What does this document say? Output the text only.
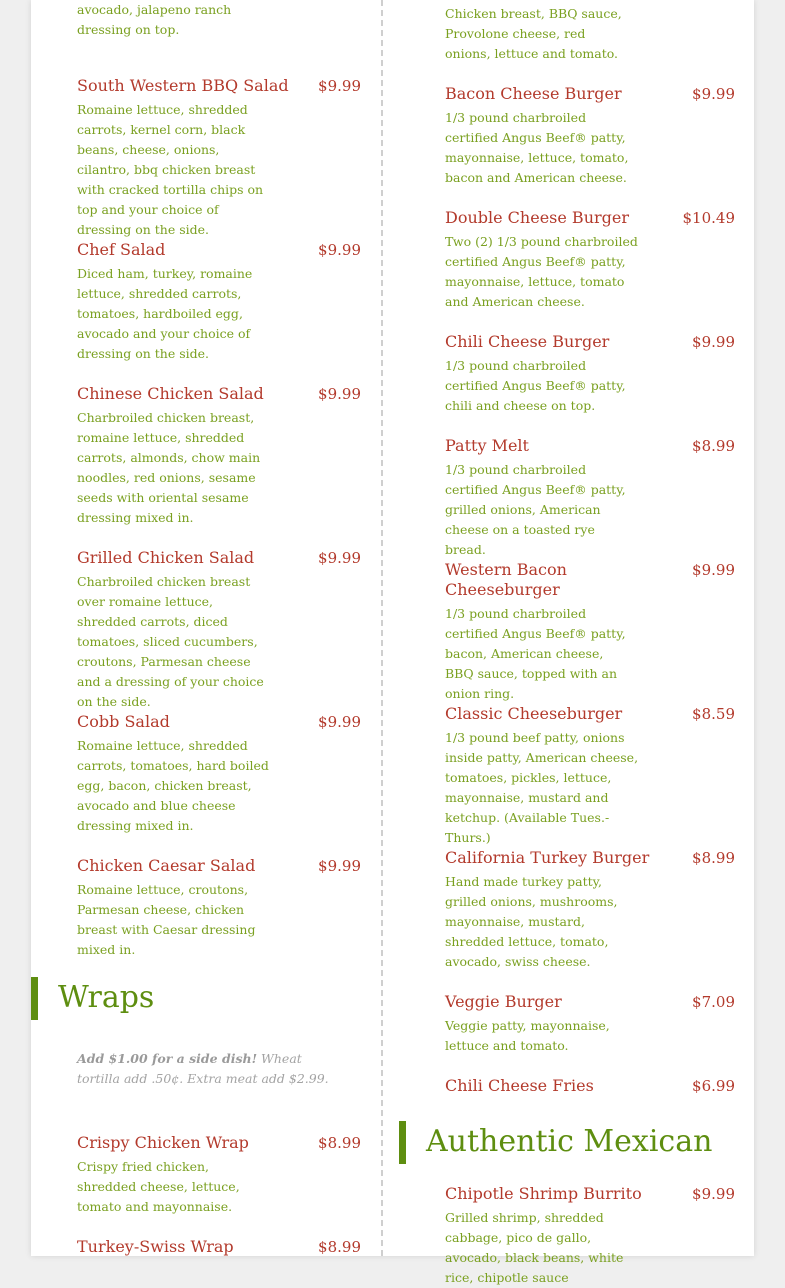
avocado, jalapeno ranch dressing on top.

South Western BBQ Salad	$9.99

Romaine lettuce, shredded carrots, kernel corn, black beans, cheese, onions, cilantro, bbq chicken breast with cracked tortilla chips on top and your choice of dressing on the side.

Chef Salad	$9.99

Diced ham, turkey, romaine lettuce, shredded carrots, tomatoes, hardboiled egg, avocado and your choice of dressing on the side.

Chinese Chicken Salad	$9.99

Charbroiled chicken breast, romaine lettuce, shredded carrots, almonds, chow main noodles, red onions, sesame seeds with oriental sesame dressing mixed in.

Grilled Chicken Salad	$9.99

Charbroiled chicken breast over romaine lettuce, shredded carrots, diced tomatoes, sliced cucumbers, croutons, Parmesan cheese and a dressing of your choice on the side.

Cobb Salad	$9.99

Romaine lettuce, shredded carrots, tomatoes, hard boiled egg, bacon, chicken breast, avocado and blue cheese dressing mixed in.

Chicken Caesar Salad	$9.99

Romaine lettuce, croutons, Parmesan cheese, chicken breast with Caesar dressing mixed in.

Wraps
Add $1.00 for a side dish! Wheat tortilla add .50¢. Extra meat add $2.99.

Crispy Chicken Wrap	$8.99

Crispy fried chicken, shredded cheese, lettuce, tomato and mayonnaise.

Turkey-Swiss Wrap	$8.99

Chicken breast, BBQ sauce, Provolone cheese, red onions, lettuce and tomato.

Bacon Cheese Burger	$9.99

1/3 pound charbroiled certified Angus Beef® patty, mayonnaise, lettuce, tomato, bacon and American cheese.

Double Cheese Burger	$10.49

Two (2) 1/3 pound charbroiled certified Angus Beef® patty, mayonnaise, lettuce, tomato and American cheese.

Chili Cheese Burger	$9.99

1/3 pound charbroiled certified Angus Beef® patty, chili and cheese on top.

Patty Melt	$8.99

1/3 pound charbroiled certified Angus Beef® patty, grilled onions, American cheese on a toasted rye bread.

Western Bacon Cheeseburger

$9.99

1/3 pound charbroiled certified Angus Beef® patty, bacon, American cheese, BBQ sauce, topped with an onion ring.

Classic Cheeseburger	$8.59

1/3 pound beef patty, onions inside patty, American cheese, tomatoes, pickles, lettuce, mayonnaise, mustard and ketchup. (Available Tues.-Thurs.)

California Turkey Burger	$8.99

Hand made turkey patty, grilled onions, mushrooms, mayonnaise, mustard, shredded lettuce, tomato, avocado, swiss cheese.

Veggie Burger	$7.09

Veggie patty, mayonnaise, lettuce and tomato.

Chili Cheese Fries	$6.99
Authentic Mexican

Chipotle Shrimp Burrito	$9.99

Grilled shrimp, shredded cabbage, pico de gallo, avocado, black beans, white rice, chipotle sauce
